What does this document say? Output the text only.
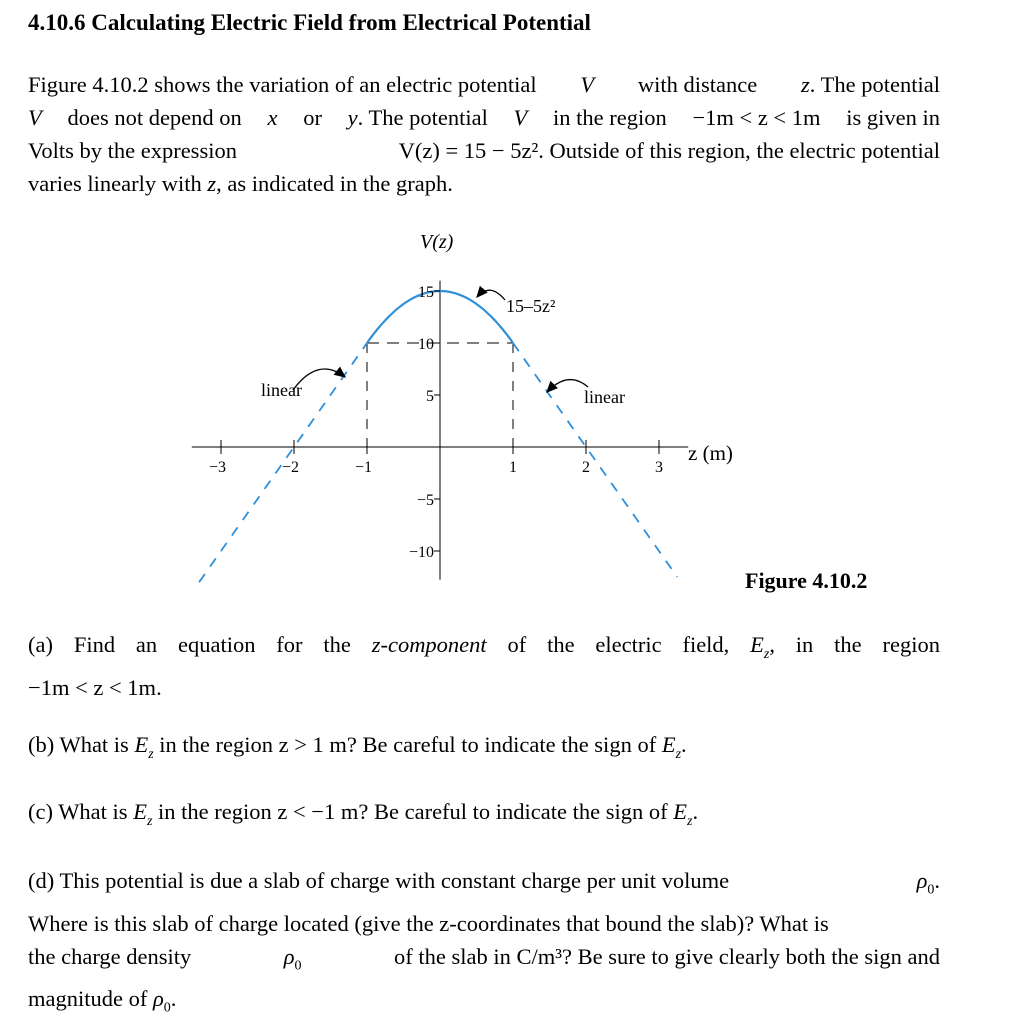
4.10.6 Calculating Electric Field from Electrical Potential
Figure 4.10.2 shows the variation of an electric potential V with distance z. The potential
V does not depend on x or y. The potential V in the region −1m < z < 1m is given in
Volts by the expression	V(z) = 15 − 5z². Outside of this region, the electric potential
varies linearly with z, as indicated in the graph.
−3	−2	−1	1	2	3
15
10
5
−5
−10
V(z)
z (m)
15–5z²
linear	linear
Figure 4.10.2
(a) Find an equation for the z-component of the electric field, $E_z$, in the region
−1m < z < 1m.
(b) What is $E_z$ in the region z > 1 m? Be careful to indicate the sign of $E_z$.
(c) What is $E_z$ in the region z < −1 m? Be careful to indicate the sign of $E_z$.
(d) This potential is due a slab of charge with constant charge per unit volume	$\rho_0$.
Where is this slab of charge located (give the z-coordinates that bound the slab)? What is
the charge density	$\rho_0$	of the slab in C/m³? Be sure to give clearly both the sign and
magnitude of $\rho_0$.
